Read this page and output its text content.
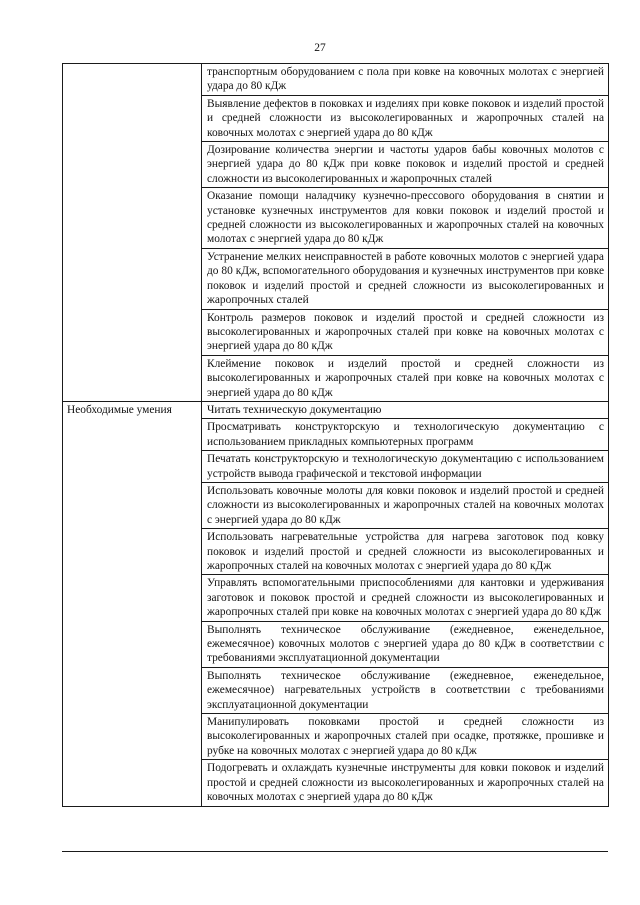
27
	транспортным оборудованием с пола при ковке на ковочных молотах с энергией удара до 80 кДж
	Выявление дефектов в поковках и изделиях при ковке поковок и изделий простой и средней сложности из высоколегированных и жаропрочных сталей на ковочных молотах с энергией удара до 80 кДж
	Дозирование количества энергии и частоты ударов бабы ковочных молотов с энергией удара до 80 кДж при ковке поковок и изделий простой и средней сложности из высоколегированных и жаропрочных сталей
	Оказание помощи наладчику кузнечно-прессового оборудования в снятии и установке кузнечных инструментов для ковки поковок и изделий простой и средней сложности из высоколегированных и жаропрочных сталей на ковочных молотах с энергией удара до 80 кДж
	Устранение мелких неисправностей в работе ковочных молотов с энергией удара до 80 кДж, вспомогательного оборудования и кузнечных инструментов при ковке поковок и изделий простой и средней сложности из высоколегированных и жаропрочных сталей
	Контроль размеров поковок и изделий простой и средней сложности из высоколегированных и жаропрочных сталей при ковке на ковочных молотах с энергией удара до 80 кДж
	Клеймение поковок и изделий простой и средней сложности из высоколегированных и жаропрочных сталей при ковке на ковочных молотах с энергией удара до 80 кДж
Необходимые умения	Читать техническую документацию
	Просматривать конструкторскую и технологическую документацию с использованием прикладных компьютерных программ
	Печатать конструкторскую и технологическую документацию с использованием устройств вывода графической и текстовой информации
	Использовать ковочные молоты для ковки поковок и изделий простой и средней сложности из высоколегированных и жаропрочных сталей на ковочных молотах с энергией удара до 80 кДж
	Использовать нагревательные устройства для нагрева заготовок под ковку поковок и изделий простой и средней сложности из высоколегированных и жаропрочных сталей на ковочных молотах с энергией удара до 80 кДж
	Управлять вспомогательными приспособлениями для кантовки и удерживания заготовок и поковок простой и средней сложности из высоколегированных и жаропрочных сталей при ковке на ковочных молотах с энергией удара до 80 кДж
	Выполнять техническое обслуживание (ежедневное, еженедельное, ежемесячное) ковочных молотов с энергией удара до 80 кДж в соответствии с требованиями эксплуатационной документации
	Выполнять техническое обслуживание (ежедневное, еженедельное, ежемесячное) нагревательных устройств в соответствии с требованиями эксплуатационной документации
	Манипулировать поковками простой и средней сложности из высоколегированных и жаропрочных сталей при осадке, протяжке, прошивке и рубке на ковочных молотах с энергией удара до 80 кДж
	Подогревать и охлаждать кузнечные инструменты для ковки поковок и изделий простой и средней сложности из высоколегированных и жаропрочных сталей на ковочных молотах с энергией удара до 80 кДж
